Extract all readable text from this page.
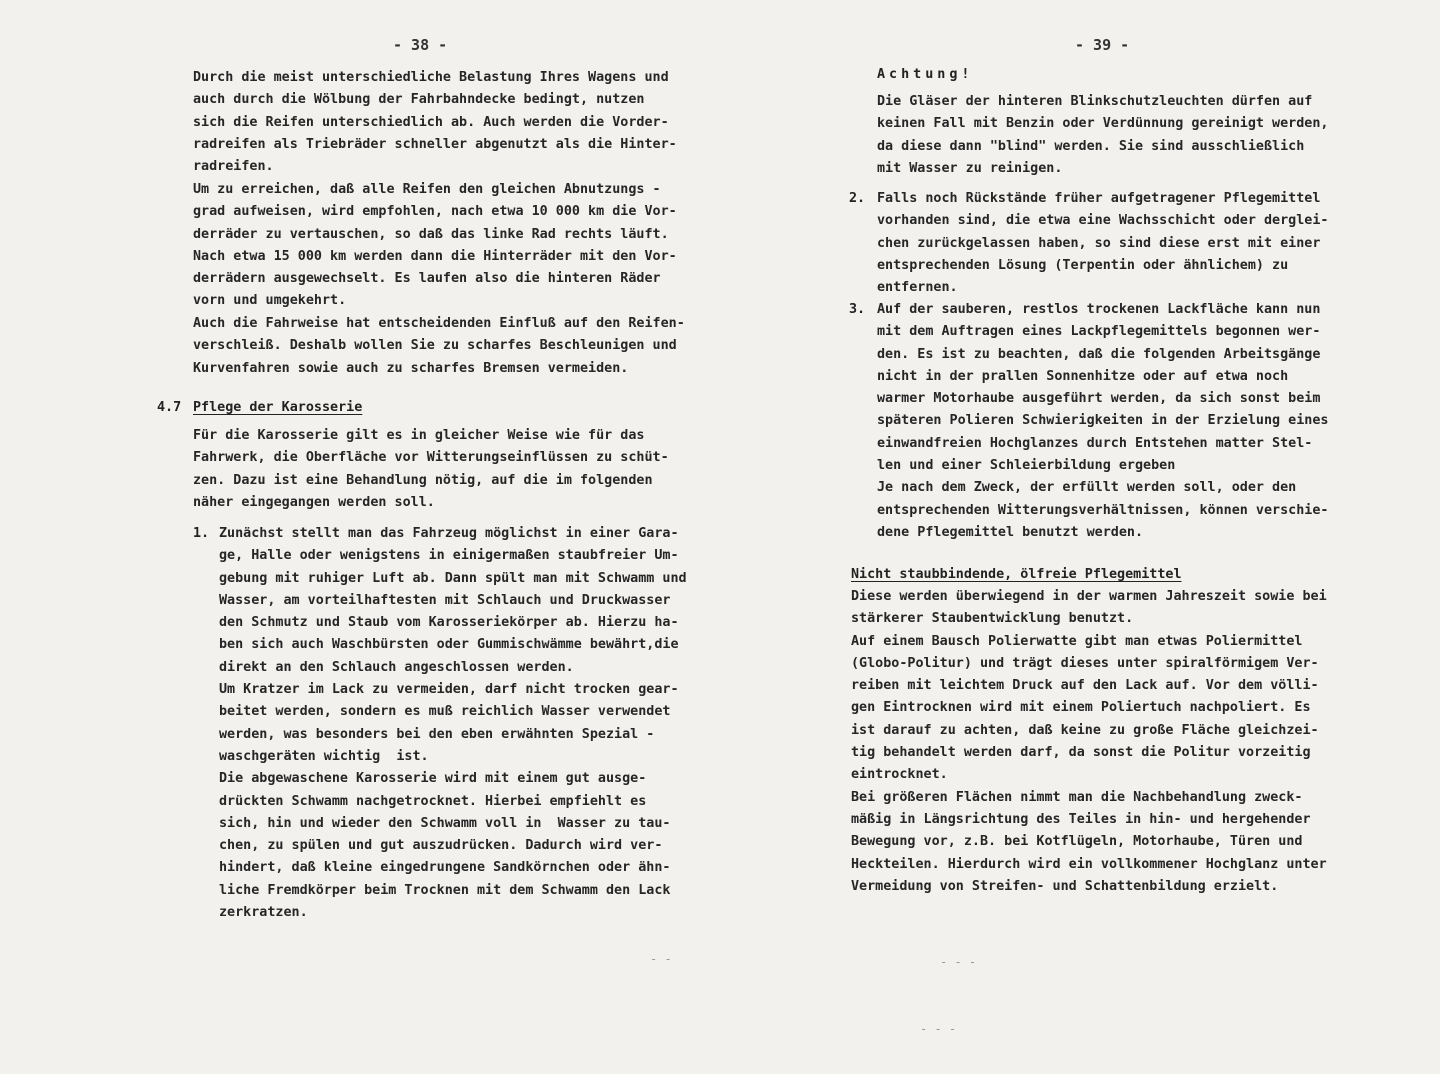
- 38 -
Durch die meist unterschiedliche Belastung Ihres Wagens und
auch durch die Wölbung der Fahrbahndecke bedingt, nutzen
sich die Reifen unterschiedlich ab. Auch werden die Vorder-
radreifen als Triebräder schneller abgenutzt als die Hinter-
radreifen.
Um zu erreichen, daß alle Reifen den gleichen Abnutzungs -
grad aufweisen, wird empfohlen, nach etwa 10 000 km die Vor-
derräder zu vertauschen, so daß das linke Rad rechts läuft.
Nach etwa 15 000 km werden dann die Hinterräder mit den Vor-
derrädern ausgewechselt. Es laufen also die hinteren Räder
vorn und umgekehrt.
Auch die Fahrweise hat entscheidenden Einfluß auf den Reifen-
verschleiß. Deshalb wollen Sie zu scharfes Beschleunigen und
Kurvenfahren sowie auch zu scharfes Bremsen vermeiden.
4.7 Pflege der Karosserie
Für die Karosserie gilt es in gleicher Weise wie für das
Fahrwerk, die Oberfläche vor Witterungseinflüssen zu schüt-
zen. Dazu ist eine Behandlung nötig, auf die im folgenden
näher eingegangen werden soll.
1. Zunächst stellt man das Fahrzeug möglichst in einer Gara-
ge, Halle oder wenigstens in einigermaßen staubfreier Um-
gebung mit ruhiger Luft ab. Dann spült man mit Schwamm und
Wasser, am vorteilhaftesten mit Schlauch und Druckwasser
den Schmutz und Staub vom Karosseriekörper ab. Hierzu ha-
ben sich auch Waschbürsten oder Gummischwämme bewährt,die
direkt an den Schlauch angeschlossen werden.
Um Kratzer im Lack zu vermeiden, darf nicht trocken gear-
beitet werden, sondern es muß reichlich Wasser verwendet
werden, was besonders bei den eben erwähnten Spezial -
waschgeräten wichtig  ist.
Die abgewaschene Karosserie wird mit einem gut ausge-
drückten Schwamm nachgetrocknet. Hierbei empfiehlt es
sich, hin und wieder den Schwamm voll in  Wasser zu tau-
chen, zu spülen und gut auszudrücken. Dadurch wird ver-
hindert, daß kleine eingedrungene Sandkörnchen oder ähn-
liche Fremdkörper beim Trocknen mit dem Schwamm den Lack
zerkratzen.
- -
- 39 -
Achtung!
Die Gläser der hinteren Blinkschutzleuchten dürfen auf
keinen Fall mit Benzin oder Verdünnung gereinigt werden,
da diese dann "blind" werden. Sie sind ausschließlich
mit Wasser zu reinigen.
2. Falls noch Rückstände früher aufgetragener Pflegemittel
vorhanden sind, die etwa eine Wachsschicht oder derglei-
chen zurückgelassen haben, so sind diese erst mit einer
entsprechenden Lösung (Terpentin oder ähnlichem) zu
entfernen.
3. Auf der sauberen, restlos trockenen Lackfläche kann nun
mit dem Auftragen eines Lackpflegemittels begonnen wer-
den. Es ist zu beachten, daß die folgenden Arbeitsgänge
nicht in der prallen Sonnenhitze oder auf etwa noch
warmer Motorhaube ausgeführt werden, da sich sonst beim
späteren Polieren Schwierigkeiten in der Erzielung eines
einwandfreien Hochglanzes durch Entstehen matter Stel-
len und einer Schleierbildung ergeben
Je nach dem Zweck, der erfüllt werden soll, oder den
entsprechenden Witterungsverhältnissen, können verschie-
dene Pflegemittel benutzt werden.
Nicht staubbindende, ölfreie Pflegemittel
Diese werden überwiegend in der warmen Jahreszeit sowie bei
stärkerer Staubentwicklung benutzt.
Auf einem Bausch Polierwatte gibt man etwas Poliermittel
(Globo-Politur) und trägt dieses unter spiralförmigem Ver-
reiben mit leichtem Druck auf den Lack auf. Vor dem völli-
gen Eintrocknen wird mit einem Poliertuch nachpoliert. Es
ist darauf zu achten, daß keine zu große Fläche gleichzei-
tig behandelt werden darf, da sonst die Politur vorzeitig
eintrocknet.
Bei größeren Flächen nimmt man die Nachbehandlung zweck-
mäßig in Längsrichtung des Teiles in hin- und hergehender
Bewegung vor, z.B. bei Kotflügeln, Motorhaube, Türen und
Heckteilen. Hierdurch wird ein vollkommener Hochglanz unter
Vermeidung von Streifen- und Schattenbildung erzielt.
- - -
- - -
